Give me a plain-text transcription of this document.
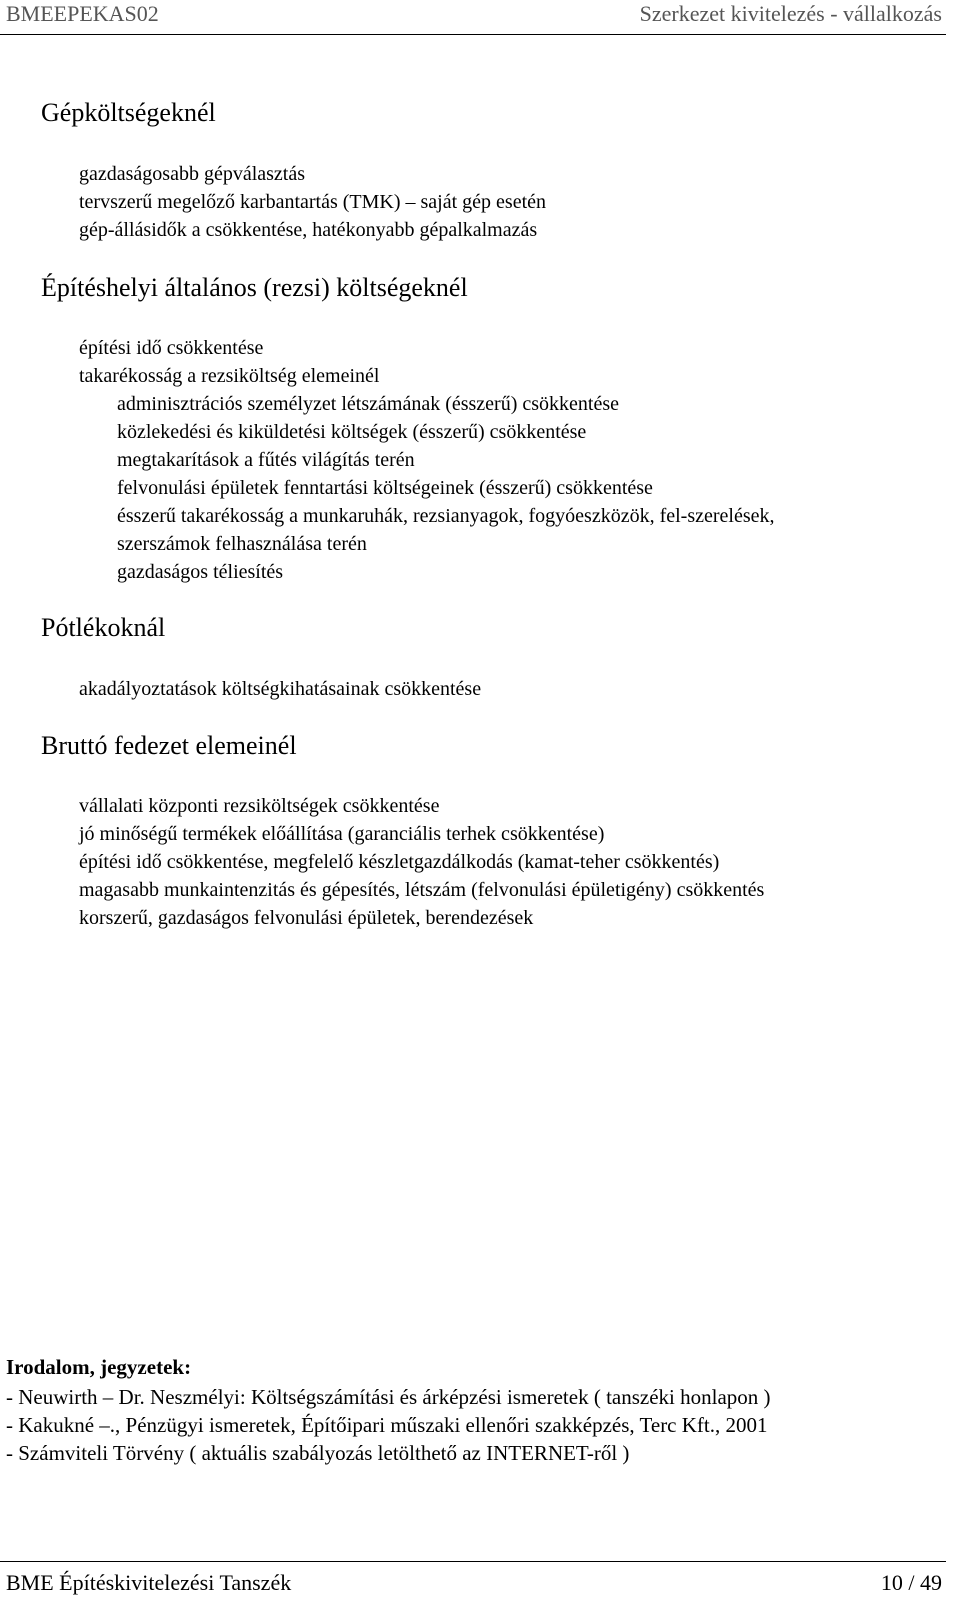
BMEEPEKAS02	Szerkezet kivitelezés - vállalkozás
Gépköltségeknél
gazdaságosabb gépválasztás
tervszerű megelőző karbantartás (TMK) – saját gép esetén
gép-állásidők a csökkentése, hatékonyabb gépalkalmazás
Építéshelyi általános (rezsi) költségeknél
építési idő csökkentése
takarékosság a rezsiköltség elemeinél
adminisztrációs személyzet létszámának (ésszerű) csökkentése
közlekedési és kiküldetési költségek (ésszerű) csökkentése
megtakarítások a fűtés világítás terén
felvonulási épületek fenntartási költségeinek (ésszerű) csökkentése
ésszerű takarékosság a munkaruhák, rezsianyagok, fogyóeszközök, fel-szerelések,
szerszámok felhasználása terén
gazdaságos téliesítés
Pótlékoknál
akadályoztatások költségkihatásainak csökkentése
Bruttó fedezet elemeinél
vállalati központi rezsiköltségek csökkentése
jó minőségű termékek előállítása (garanciális terhek csökkentése)
építési idő csökkentése, megfelelő készletgazdálkodás (kamat-teher csökkentés)
magasabb munkaintenzitás és gépesítés, létszám (felvonulási épületigény) csökkentés
korszerű, gazdaságos felvonulási épületek, berendezések
Irodalom, jegyzetek:
- Neuwirth – Dr. Neszmélyi: Költségszámítási és árképzési ismeretek ( tanszéki honlapon )
- Kakukné –., Pénzügyi ismeretek, Építőipari műszaki ellenőri szakképzés, Terc Kft., 2001
- Számviteli Törvény ( aktuális szabályozás letölthető az INTERNET-ről )
BME Építéskivitelezési Tanszék	10 / 49
